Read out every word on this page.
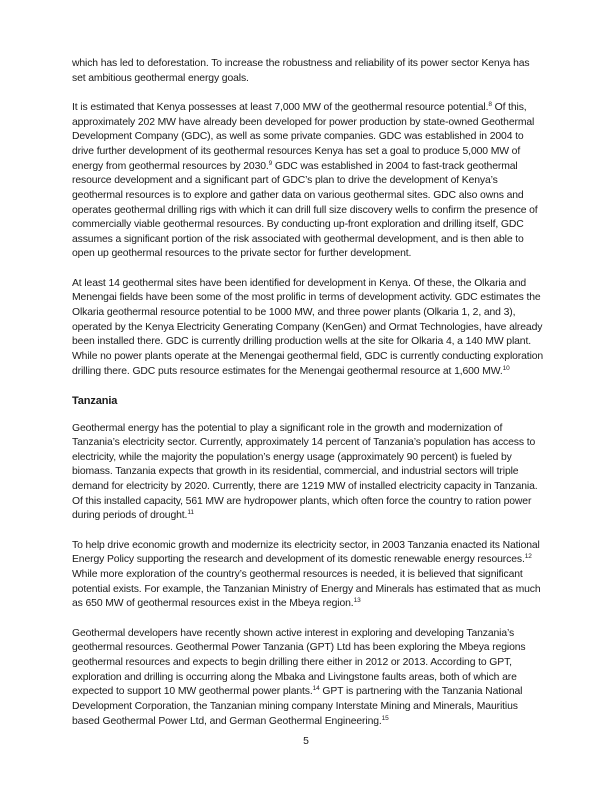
which has led to deforestation. To increase the robustness and reliability of its power sector Kenya has set ambitious geothermal energy goals.

It is estimated that Kenya possesses at least 7,000 MW of the geothermal resource potential.$^8$ Of this, approximately 202 MW have already been developed for power production by state-owned Geothermal Development Company (GDC), as well as some private companies. GDC was established in 2004 to drive further development of its geothermal resources Kenya has set a goal to produce 5,000 MW of energy from geothermal resources by 2030.$^9$ GDC was established in 2004 to fast-track geothermal resource development and a significant part of GDC’s plan to drive the development of Kenya’s geothermal resources is to explore and gather data on various geothermal sites. GDC also owns and operates geothermal drilling rigs with which it can drill full size discovery wells to confirm the presence of commercially viable geothermal resources. By conducting up-front exploration and drilling itself, GDC assumes a significant portion of the risk associated with geothermal development, and is then able to open up geothermal resources to the private sector for further development.

At least 14 geothermal sites have been identified for development in Kenya. Of these, the Olkaria and Menengai fields have been some of the most prolific in terms of development activity. GDC estimates the Olkaria geothermal resource potential to be 1000 MW, and three power plants (Olkaria 1, 2, and 3), operated by the Kenya Electricity Generating Company (KenGen) and Ormat Technologies, have already been installed there. GDC is currently drilling production wells at the site for Olkaria 4, a 140 MW plant. While no power plants operate at the Menengai geothermal field, GDC is currently conducting exploration drilling there. GDC puts resource estimates for the Menengai geothermal resource at 1,600 MW.$^{10}$

Tanzania

Geothermal energy has the potential to play a significant role in the growth and modernization of Tanzania’s electricity sector. Currently, approximately 14 percent of Tanzania’s population has access to electricity, while the majority the population’s energy usage (approximately 90 percent) is fueled by biomass. Tanzania expects that growth in its residential, commercial, and industrial sectors will triple demand for electricity by 2020. Currently, there are 1219 MW of installed electricity capacity in Tanzania. Of this installed capacity, 561 MW are hydropower plants, which often force the country to ration power during periods of drought.$^{11}$

To help drive economic growth and modernize its electricity sector, in 2003 Tanzania enacted its National Energy Policy supporting the research and development of its domestic renewable energy resources.$^{12}$ While more exploration of the country’s geothermal resources is needed, it is believed that significant potential exists. For example, the Tanzanian Ministry of Energy and Minerals has estimated that as much as 650 MW of geothermal resources exist in the Mbeya region.$^{13}$

Geothermal developers have recently shown active interest in exploring and developing Tanzania’s geothermal resources. Geothermal Power Tanzania (GPT) Ltd has been exploring the Mbeya regions geothermal resources and expects to begin drilling there either in 2012 or 2013. According to GPT, exploration and drilling is occurring along the Mbaka and Livingstone faults areas, both of which are expected to support 10 MW geothermal power plants.$^{14}$ GPT is partnering with the Tanzania National Development Corporation, the Tanzanian mining company Interstate Mining and Minerals, Mauritius based Geothermal Power Ltd, and German Geothermal Engineering.$^{15}$

5
